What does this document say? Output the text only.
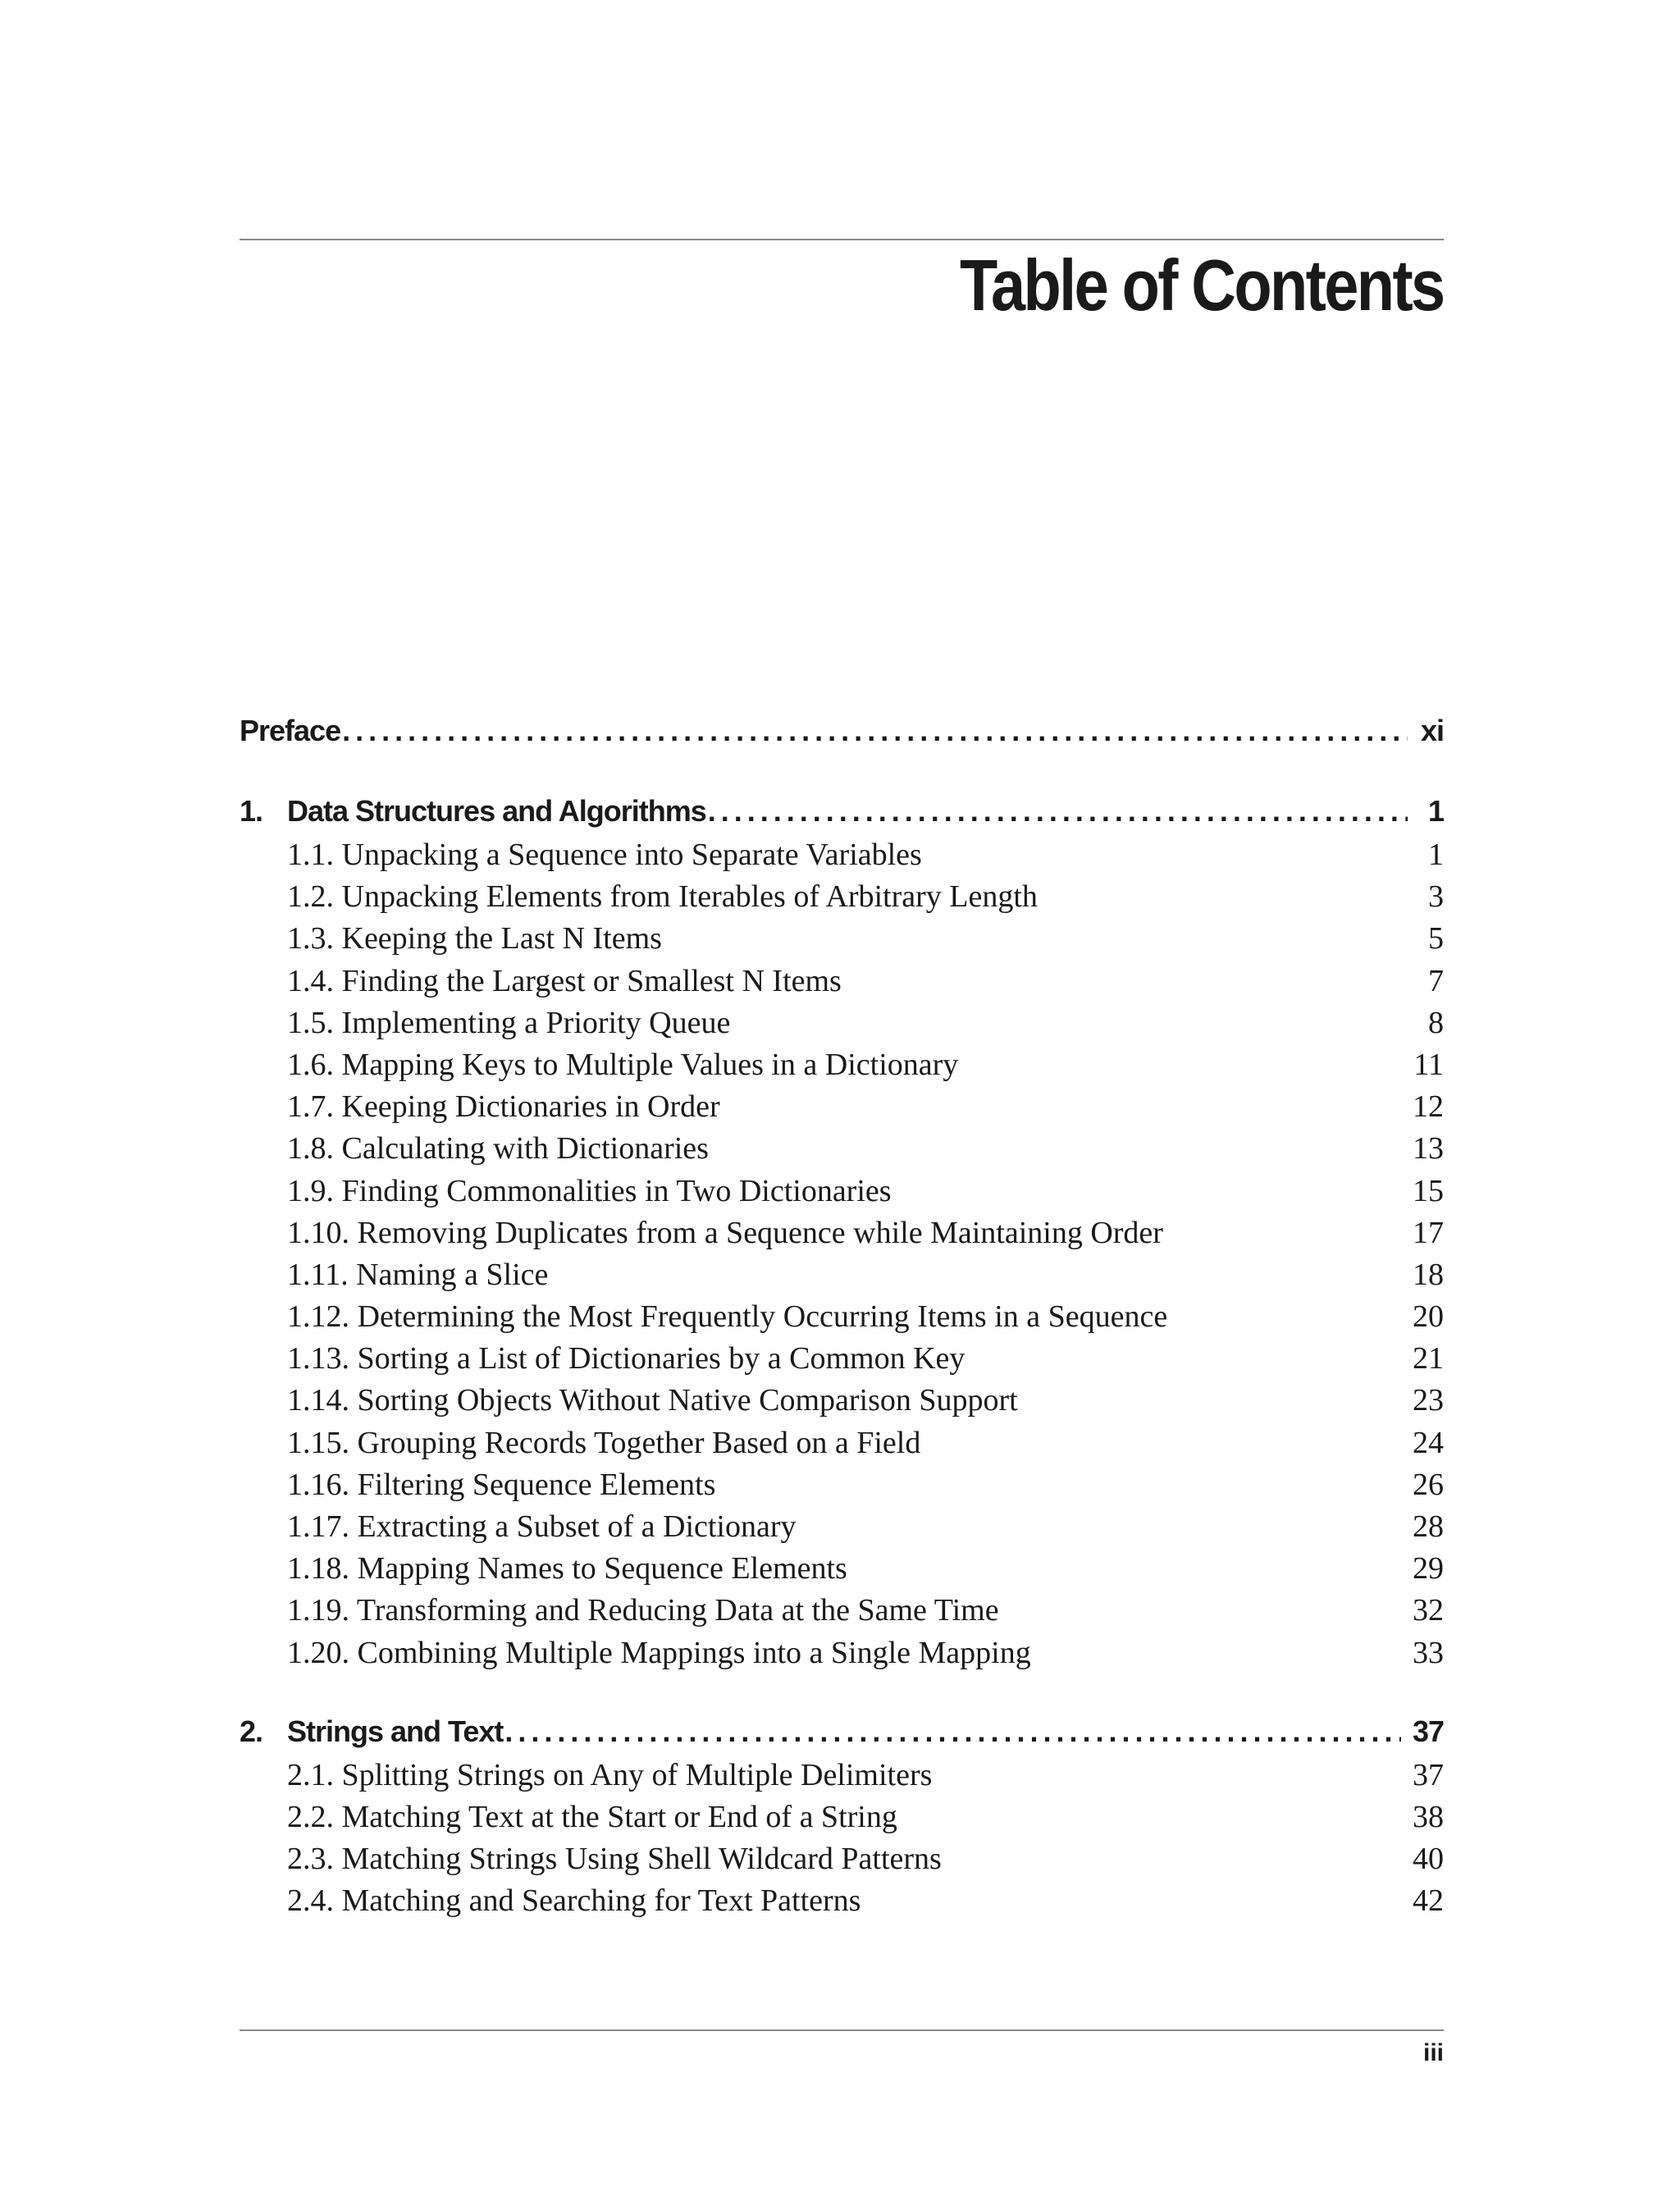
Table of Contents
Preface .....	xi
1. Data Structures and Algorithms .....	1
1.1. Unpacking a Sequence into Separate Variables	1
1.2. Unpacking Elements from Iterables of Arbitrary Length	3
1.3. Keeping the Last N Items	5
1.4. Finding the Largest or Smallest N Items	7
1.5. Implementing a Priority Queue	8
1.6. Mapping Keys to Multiple Values in a Dictionary	11
1.7. Keeping Dictionaries in Order	12
1.8. Calculating with Dictionaries	13
1.9. Finding Commonalities in Two Dictionaries	15
1.10. Removing Duplicates from a Sequence while Maintaining Order	17
1.11. Naming a Slice	18
1.12. Determining the Most Frequently Occurring Items in a Sequence	20
1.13. Sorting a List of Dictionaries by a Common Key	21
1.14. Sorting Objects Without Native Comparison Support	23
1.15. Grouping Records Together Based on a Field	24
1.16. Filtering Sequence Elements	26
1.17. Extracting a Subset of a Dictionary	28
1.18. Mapping Names to Sequence Elements	29
1.19. Transforming and Reducing Data at the Same Time	32
1.20. Combining Multiple Mappings into a Single Mapping	33
2. Strings and Text .....	37
2.1. Splitting Strings on Any of Multiple Delimiters	37
2.2. Matching Text at the Start or End of a String	38
2.3. Matching Strings Using Shell Wildcard Patterns	40
2.4. Matching and Searching for Text Patterns	42
iii
